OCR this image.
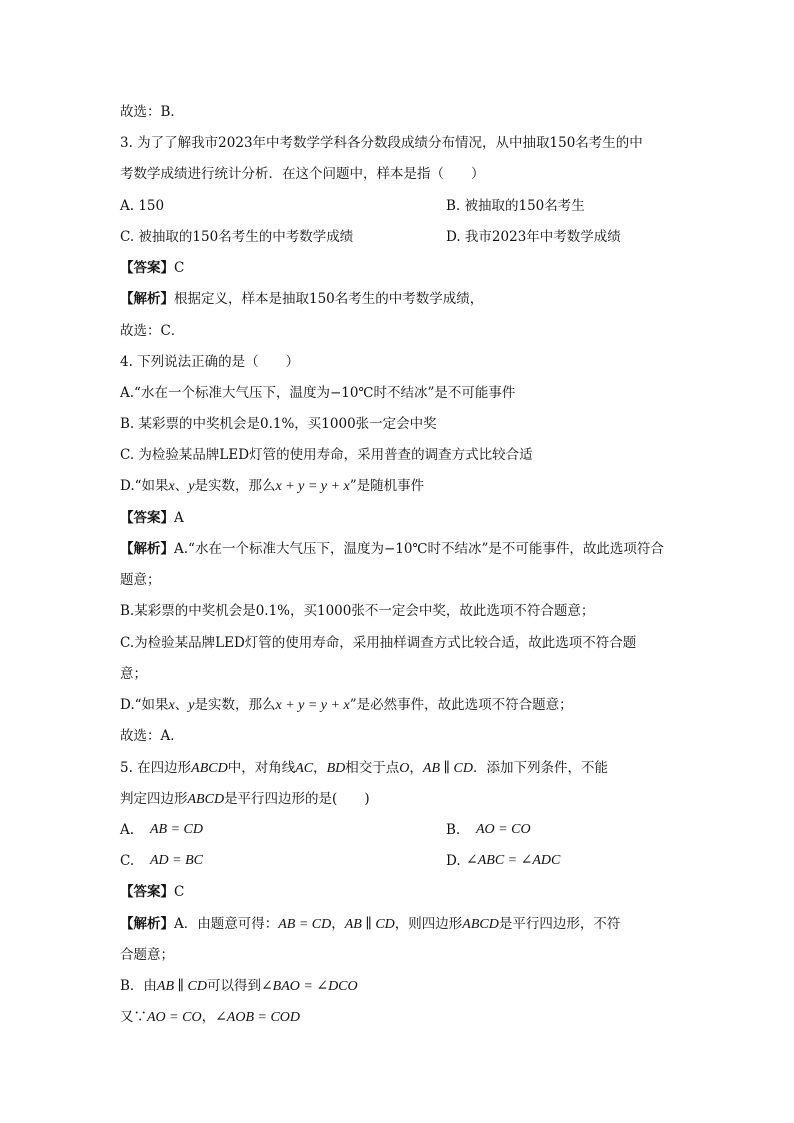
故选：B．
3. 为了了解我市2023年中考数学学科各分数段成绩分布情况，从中抽取150名考生的中
考数学成绩进行统计分析．在这个问题中，样本是指（　　）
A. 150	B. 被抽取的150名考生
C. 被抽取的150名考生的中考数学成绩	D. 我市2023年中考数学成绩
【答案】C
【解析】根据定义，样本是抽取150名考生的中考数学成绩，
故选：C．
4. 下列说法正确的是（　　）
A.“水在一个标准大气压下，温度为−10℃时不结冰”是不可能事件
B. 某彩票的中奖机会是0.1%，买1000张一定会中奖
C. 为检验某品牌LED灯管的使用寿命，采用普查的调查方式比较合适
D.“如果x、y是实数，那么x + y = y + x”是随机事件
【答案】A
【解析】A.“水在一个标准大气压下，温度为−10℃时不结冰”是不可能事件，故此选项符合
题意；
B.某彩票的中奖机会是0.1%，买1000张不一定会中奖，故此选项不符合题意；
C.为检验某品牌LED灯管的使用寿命，采用抽样调查方式比较合适，故此选项不符合题
意；
D.“如果x、y是实数，那么x + y = y + x”是必然事件，故此选项不符合题意；
故选：A．
5. 在四边形ABCD中，对角线AC，BD相交于点O，AB ∥ CD．添加下列条件，不能
判定四边形ABCD是平行四边形的是(　　)
A. AB = CD	B. AO = CO
C. AD = BC	D. ∠ABC = ∠ADC
【答案】C
【解析】A．由题意可得：AB = CD，AB ∥ CD，则四边形ABCD是平行四边形，不符
合题意；
B．由AB ∥ CD可以得到∠BAO = ∠DCO
又∵AO = CO，∠AOB = COD
